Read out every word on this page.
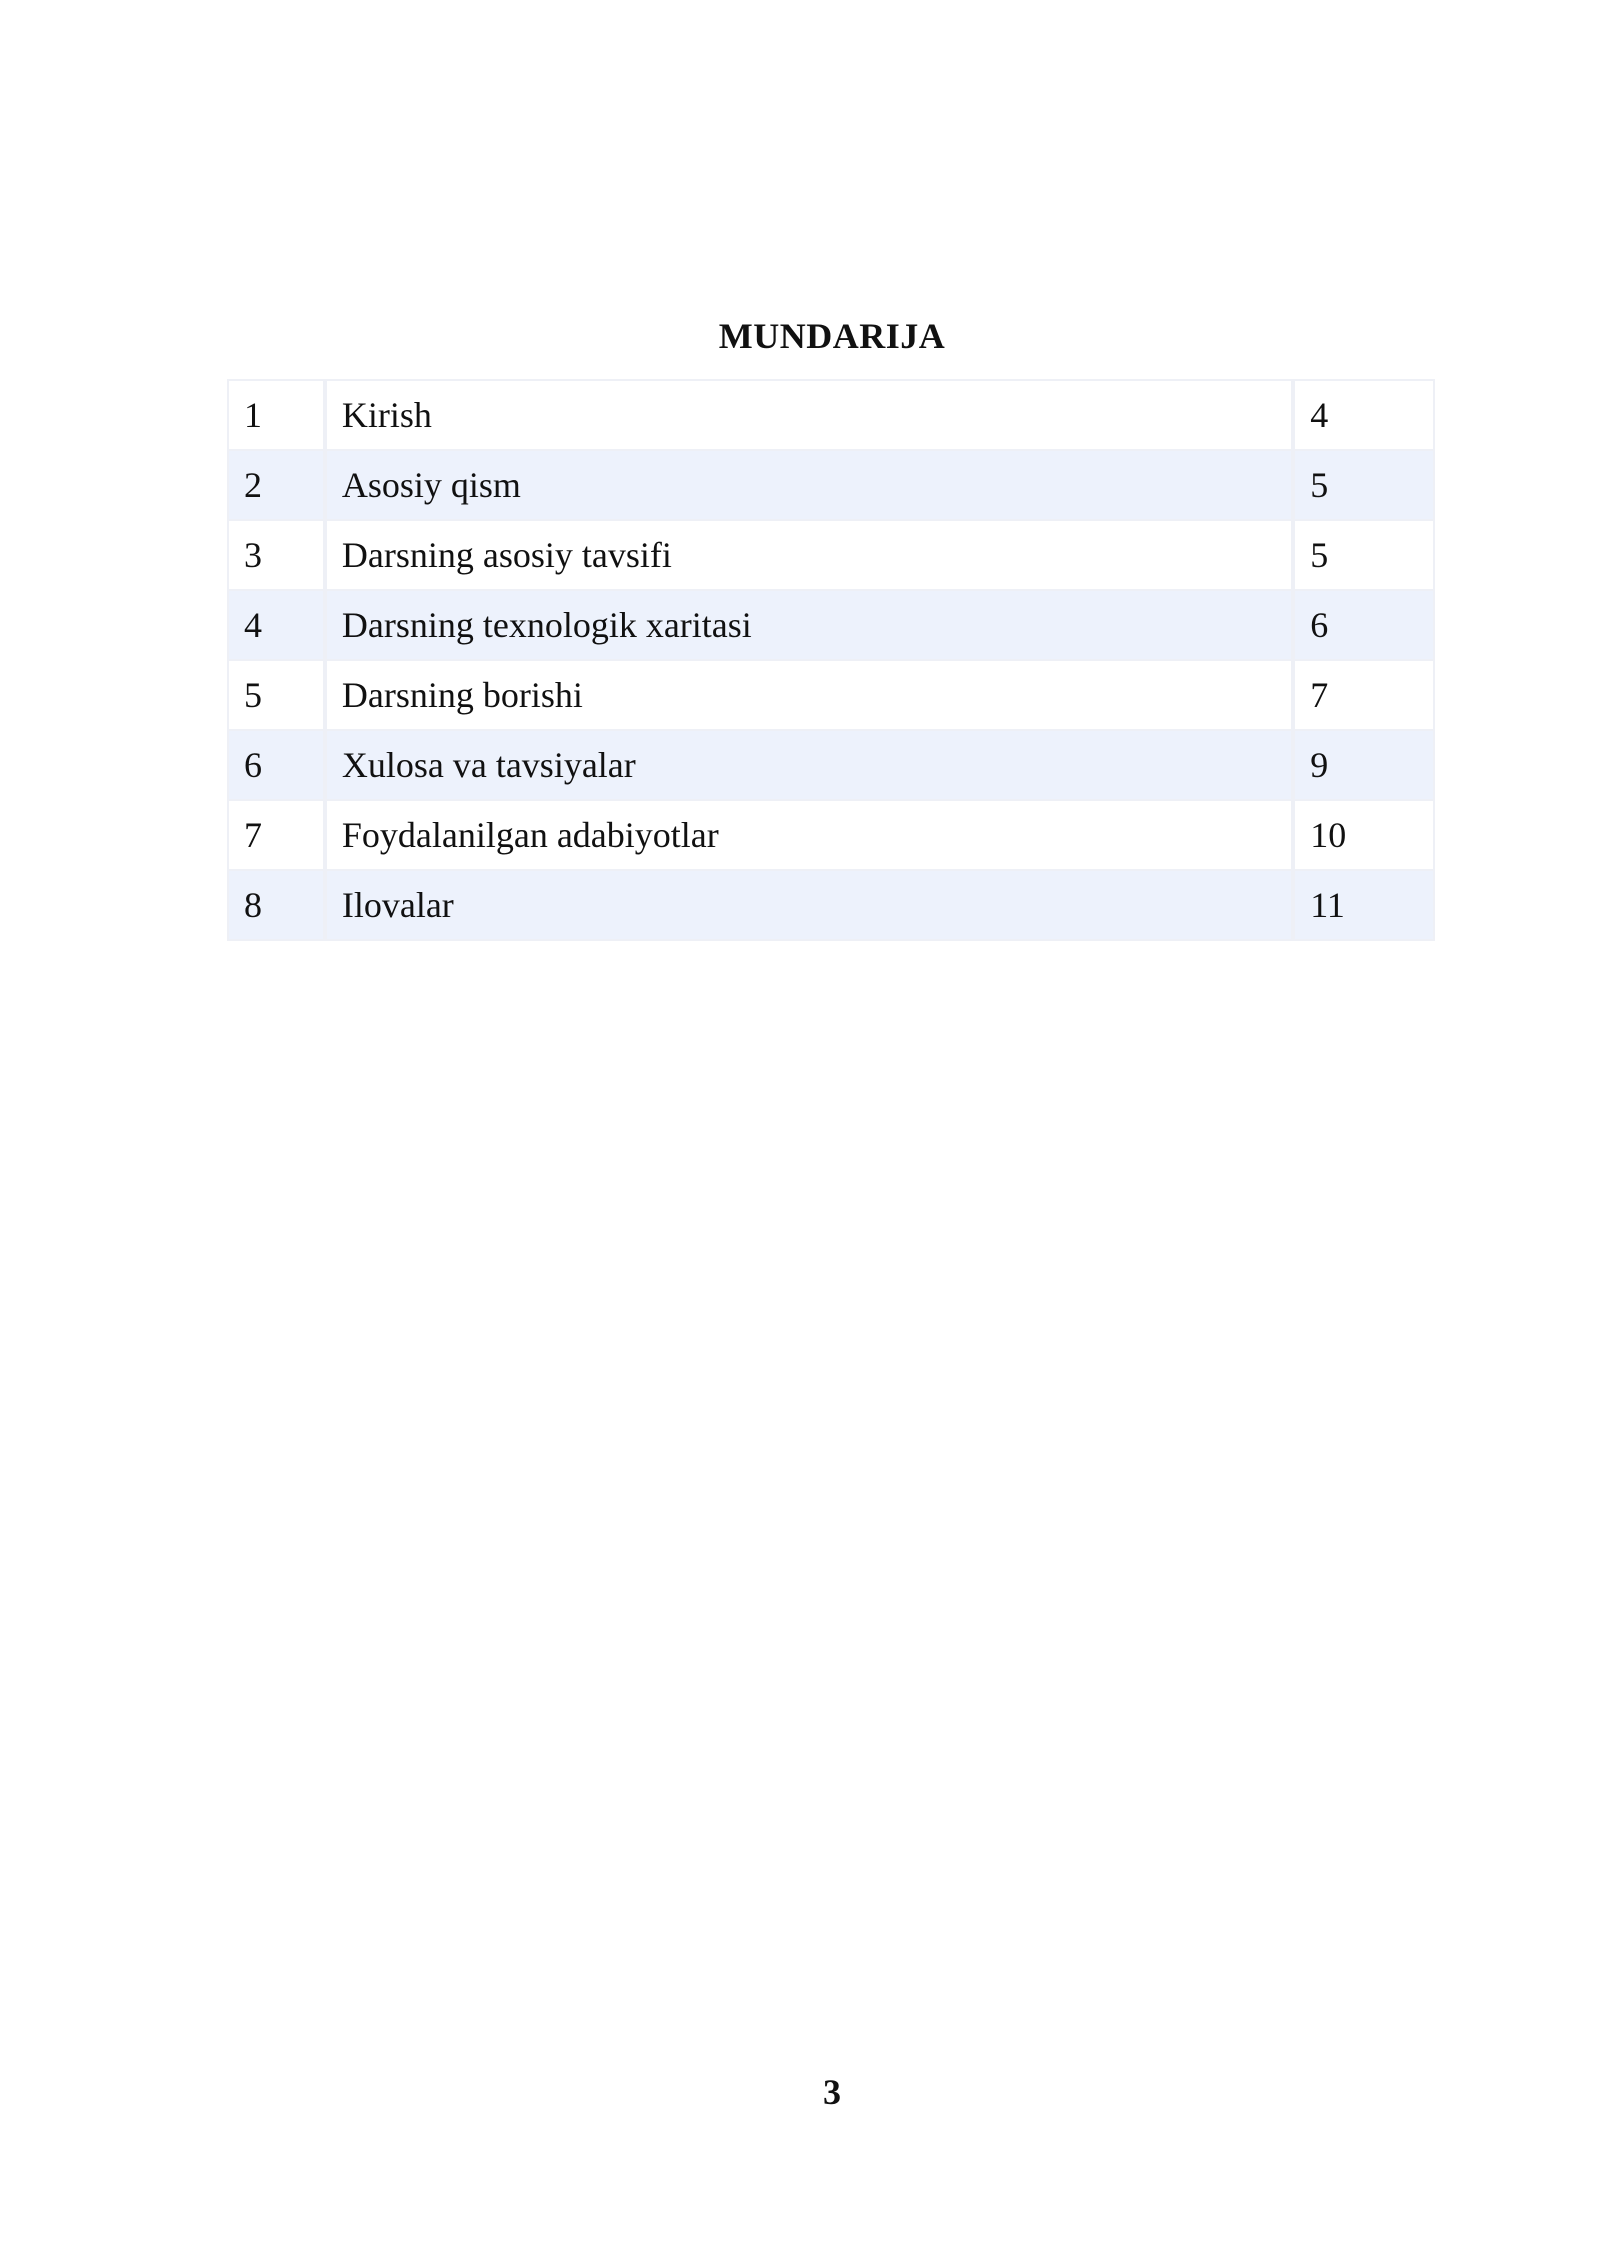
MUNDARIJA
1	Kirish	4
2	Asosiy qism	5
3	Darsning asosiy tavsifi	5
4	Darsning texnologik xaritasi	6
5	Darsning borishi	7
6	Xulosa va tavsiyalar	9
7	Foydalanilgan adabiyotlar	10
8	Ilovalar	11
3
